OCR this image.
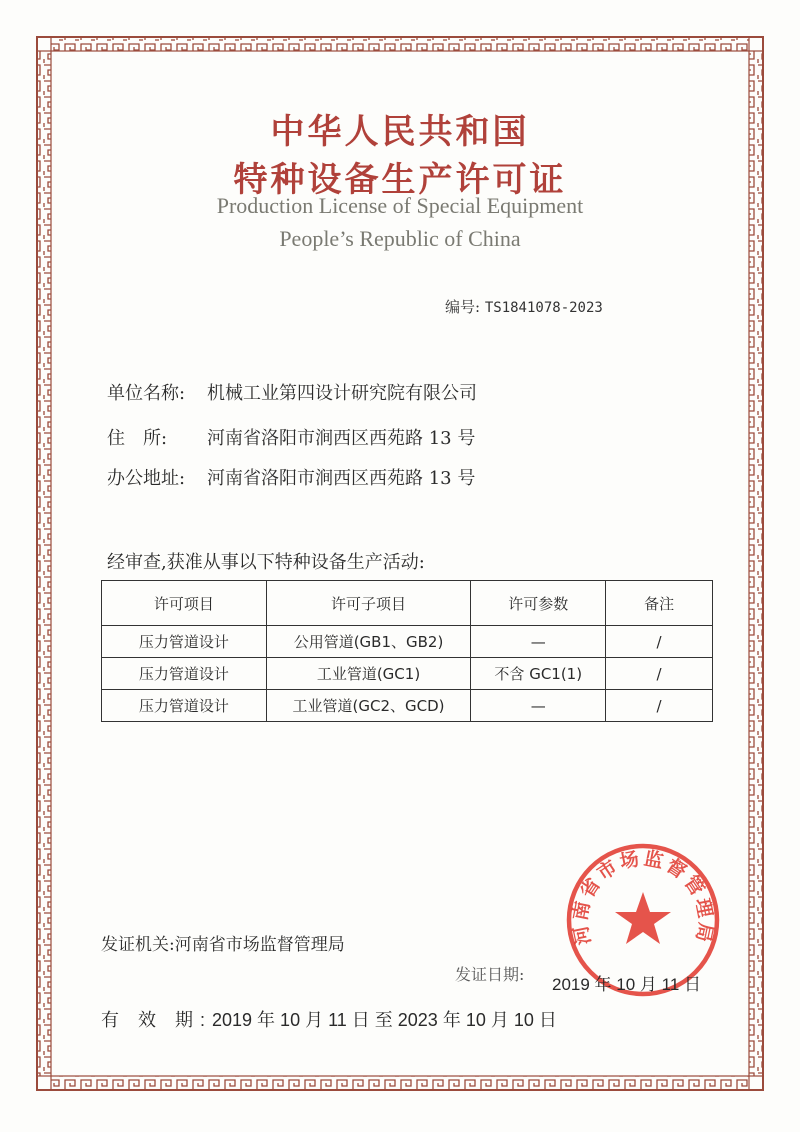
中华人民共和国
特种设备生产许可证
Production License of Special Equipment
People’s Republic of China
编号: TS1841078-2023
单位名称: 机械工业第四设计研究院有限公司
住　所: 河南省洛阳市涧西区西苑路 13 号
办公地址: 河南省洛阳市涧西区西苑路 13 号
经审查,获准从事以下特种设备生产活动:
许可项目	许可子项目	许可参数	备注
压力管道设计	公用管道(GB1、GB2)	—	/
压力管道设计	工业管道(GC1)	不含 GC1(1)	/
压力管道设计	工业管道(GC2、GCD)	—	/
河南省市场监督管理局
发证机关:河南省市场监督管理局
发证日期:
2019 年 10 月 11 日
有 效 期:2019 年 10 月 11 日 至 2023 年 10 月 10 日
